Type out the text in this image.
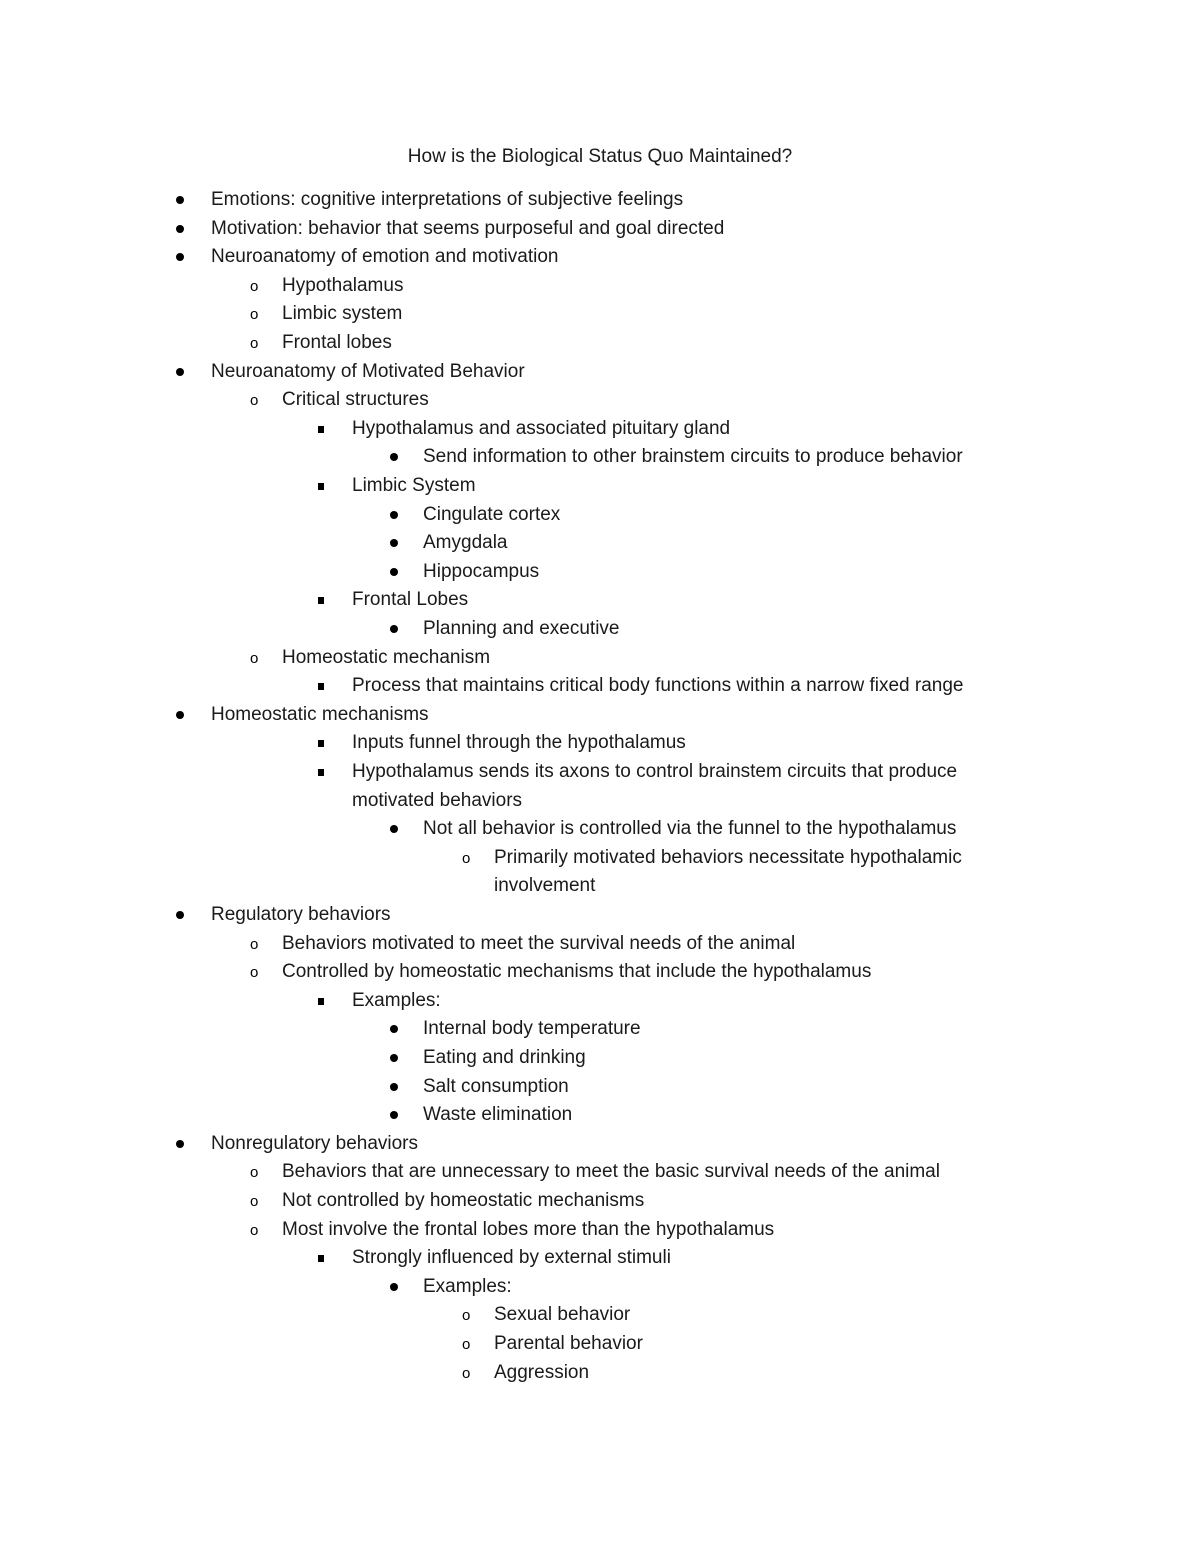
How is the Biological Status Quo Maintained?
Emotions: cognitive interpretations of subjective feelings
Motivation: behavior that seems purposeful and goal directed
Neuroanatomy of emotion and motivation
o Hypothalamus
o Limbic system
o Frontal lobes
Neuroanatomy of Motivated Behavior
o Critical structures
Hypothalamus and associated pituitary gland
Send information to other brainstem circuits to produce behavior
Limbic System
Cingulate cortex
Amygdala
Hippocampus
Frontal Lobes
Planning and executive
o Homeostatic mechanism
Process that maintains critical body functions within a narrow fixed range
Homeostatic mechanisms
Inputs funnel through the hypothalamus
Hypothalamus sends its axons to control brainstem circuits that produce
motivated behaviors
Not all behavior is controlled via the funnel to the hypothalamus
o Primarily motivated behaviors necessitate hypothalamic
involvement
Regulatory behaviors
o Behaviors motivated to meet the survival needs of the animal
o Controlled by homeostatic mechanisms that include the hypothalamus
Examples:
Internal body temperature
Eating and drinking
Salt consumption
Waste elimination
Nonregulatory behaviors
o Behaviors that are unnecessary to meet the basic survival needs of the animal
o Not controlled by homeostatic mechanisms
o Most involve the frontal lobes more than the hypothalamus
Strongly influenced by external stimuli
Examples:
o Sexual behavior
o Parental behavior
o Aggression
